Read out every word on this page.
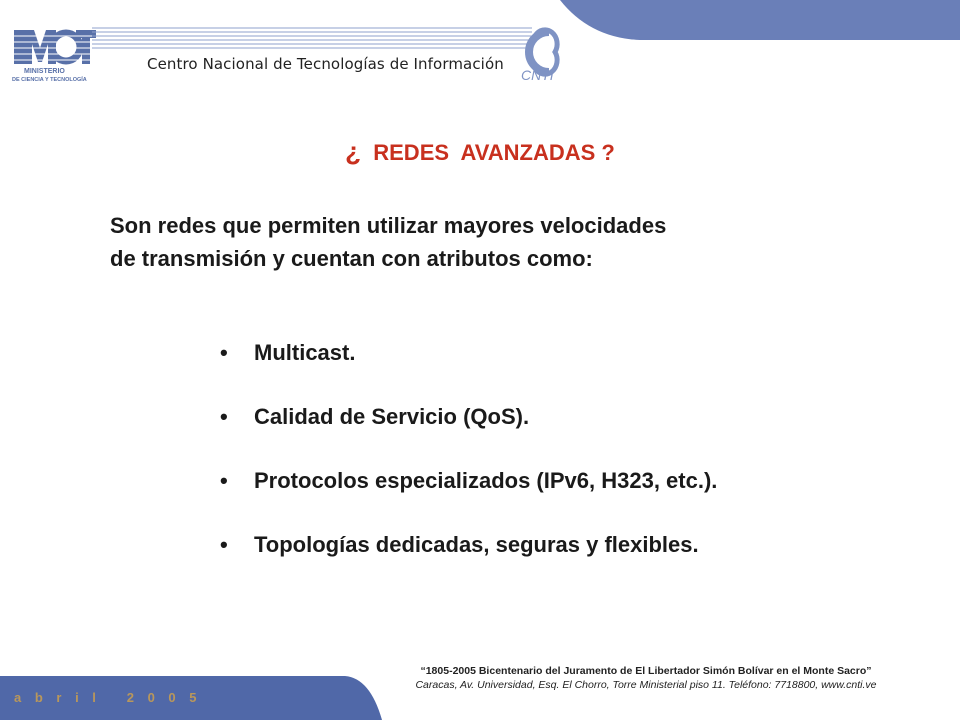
MINISTERIO
DE CIENCIA Y TECNOLOGÍA
Centro Nacional de Tecnologías de Información
CNTI
¿ REDES  AVANZADAS ?
Son redes que permiten utilizar mayores velocidades
de transmisión y cuentan con atributos como:
•	Multicast.
•	Calidad de Servicio (QoS).
•	Protocolos especializados (IPv6, H323, etc.).
•	Topologías dedicadas, seguras y flexibles.
a b r i l   2 0 0 5
“1805-2005 Bicentenario del Juramento de El Libertador Simón Bolívar en el Monte Sacro”
Caracas, Av. Universidad, Esq. El Chorro, Torre Ministerial piso 11. Teléfono: 7718800, www.cnti.ve
